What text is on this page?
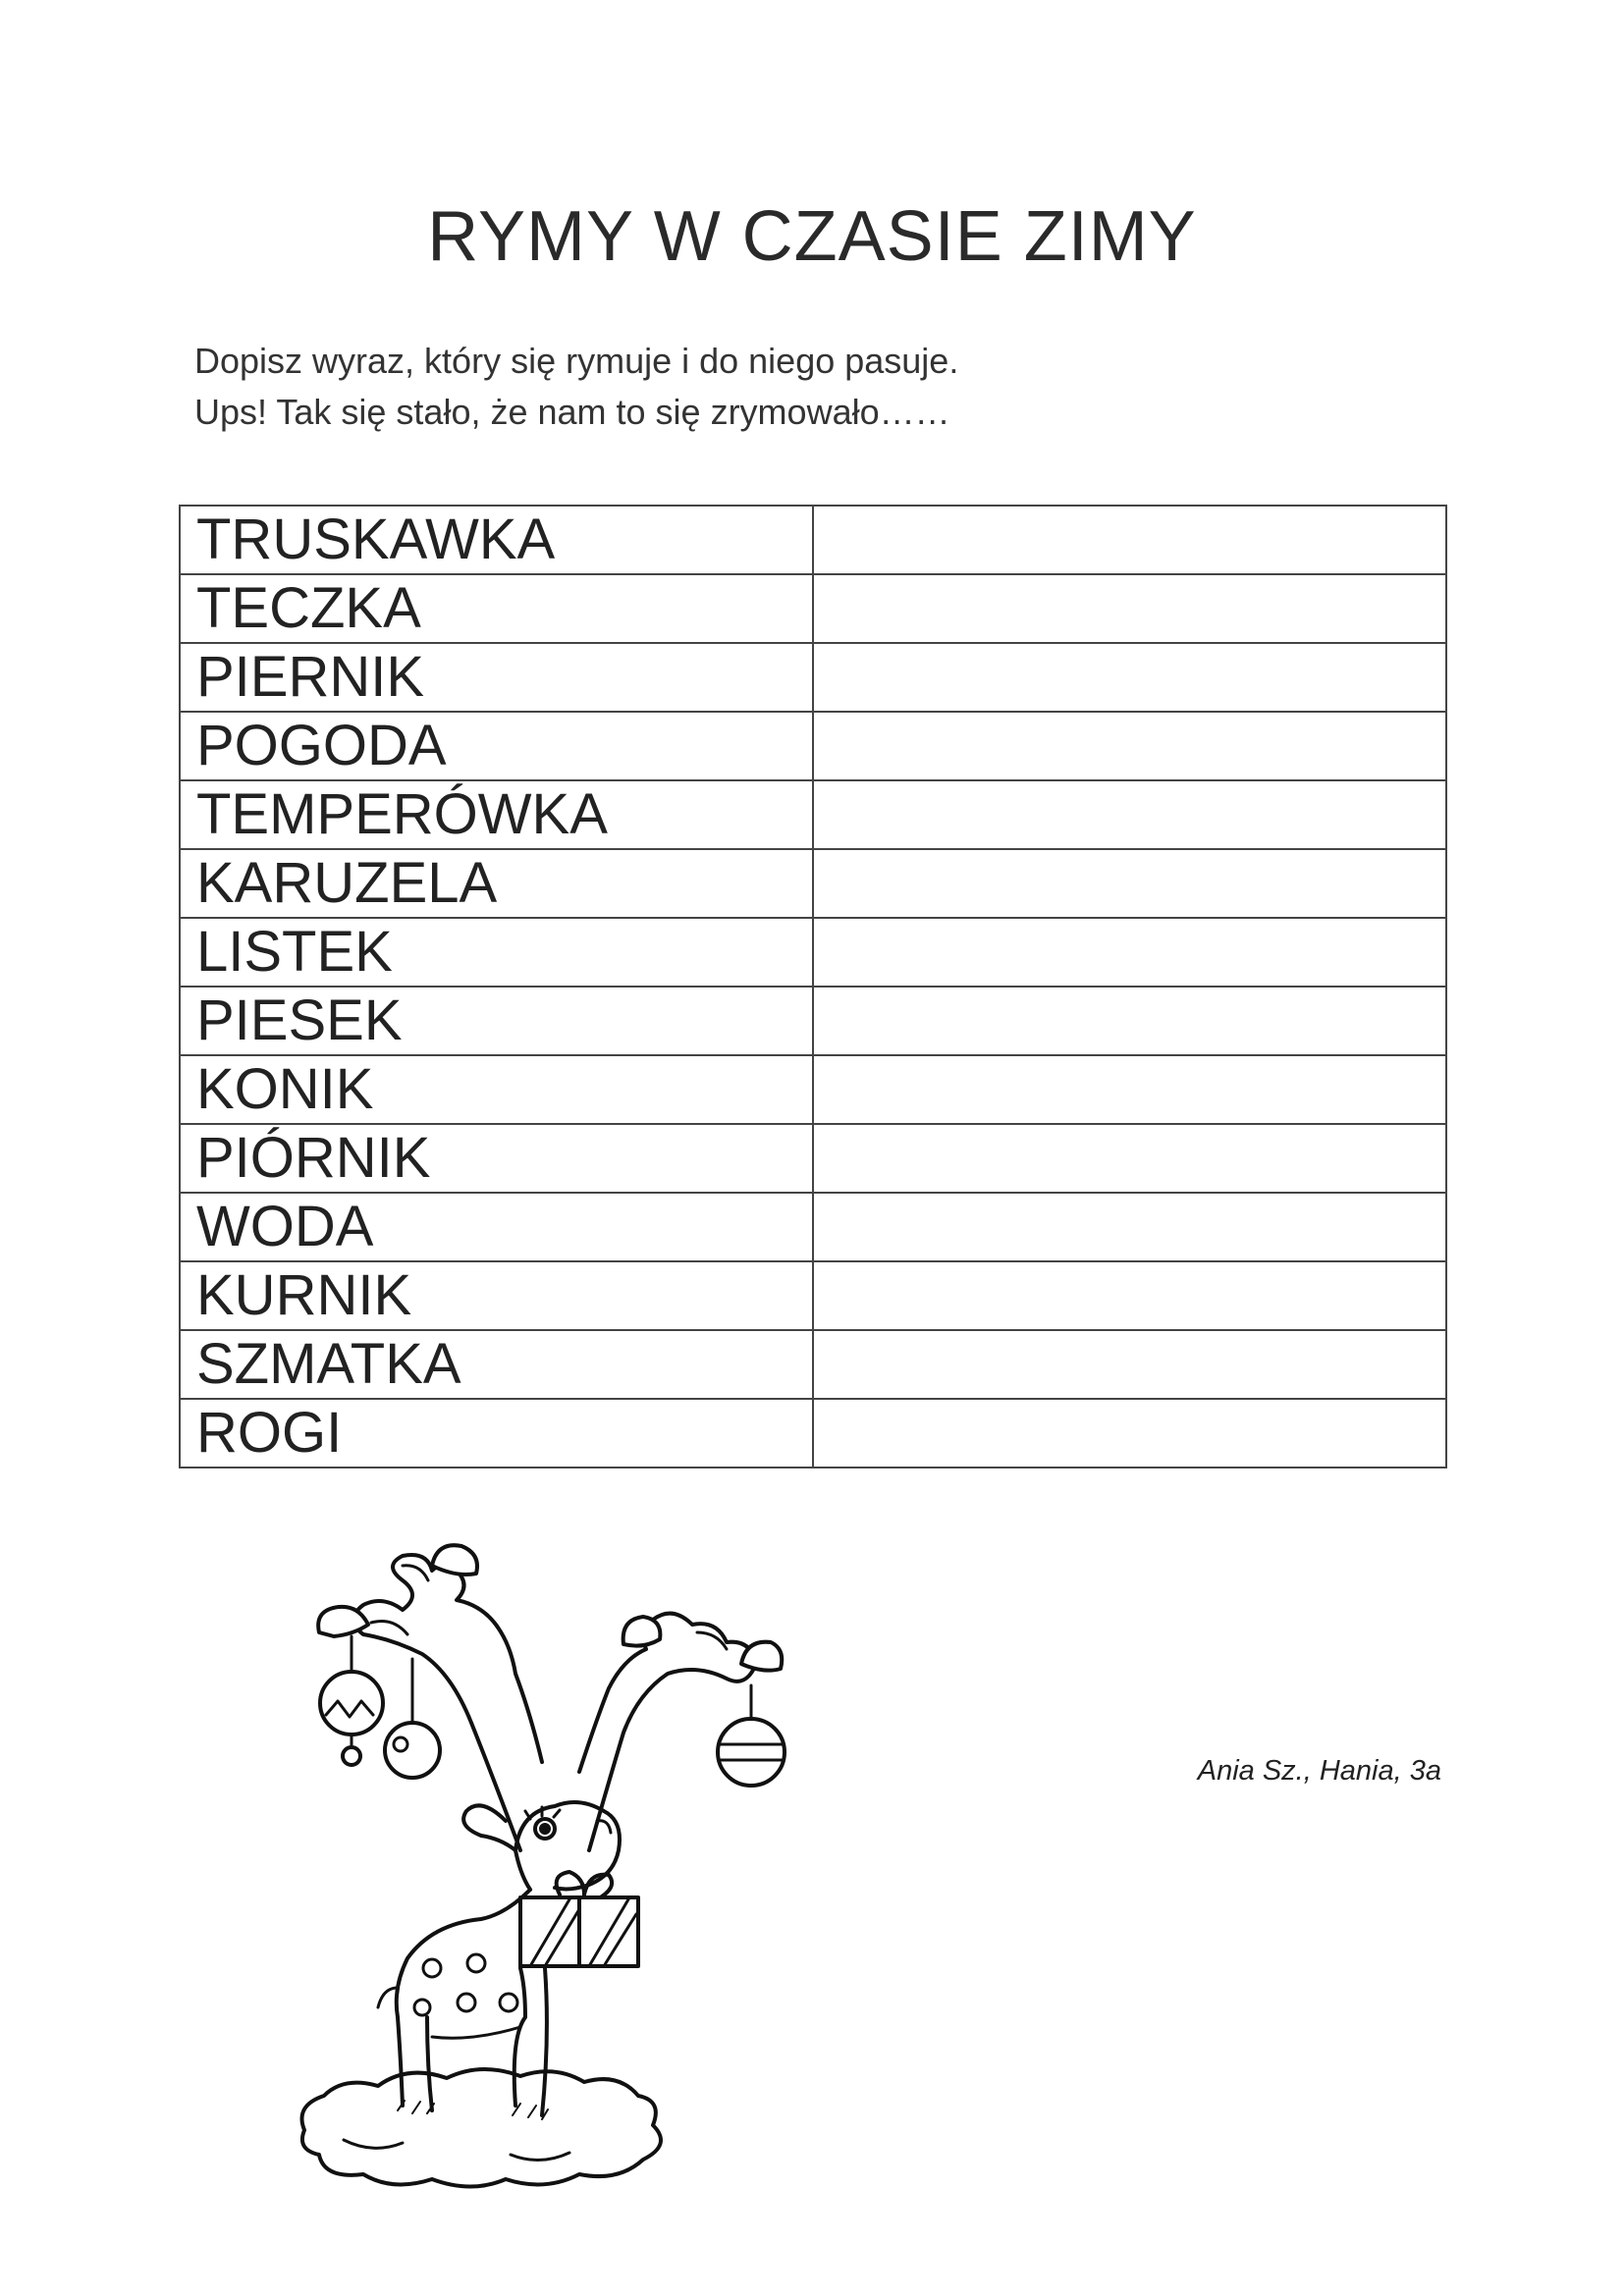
RYMY W CZASIE ZIMY
Dopisz wyraz, który się rymuje i do niego pasuje.
Ups! Tak się stało, że nam to się zrymowało……
TRUSKAWKA	
TECZKA	
PIERNIK	
POGODA	
TEMPERÓWKA	
KARUZELA	
LISTEK	
PIESEK	
KONIK	
PIÓRNIK	
WODA	
KURNIK	
SZMATKA	
ROGI	
Ania Sz., Hania, 3a
